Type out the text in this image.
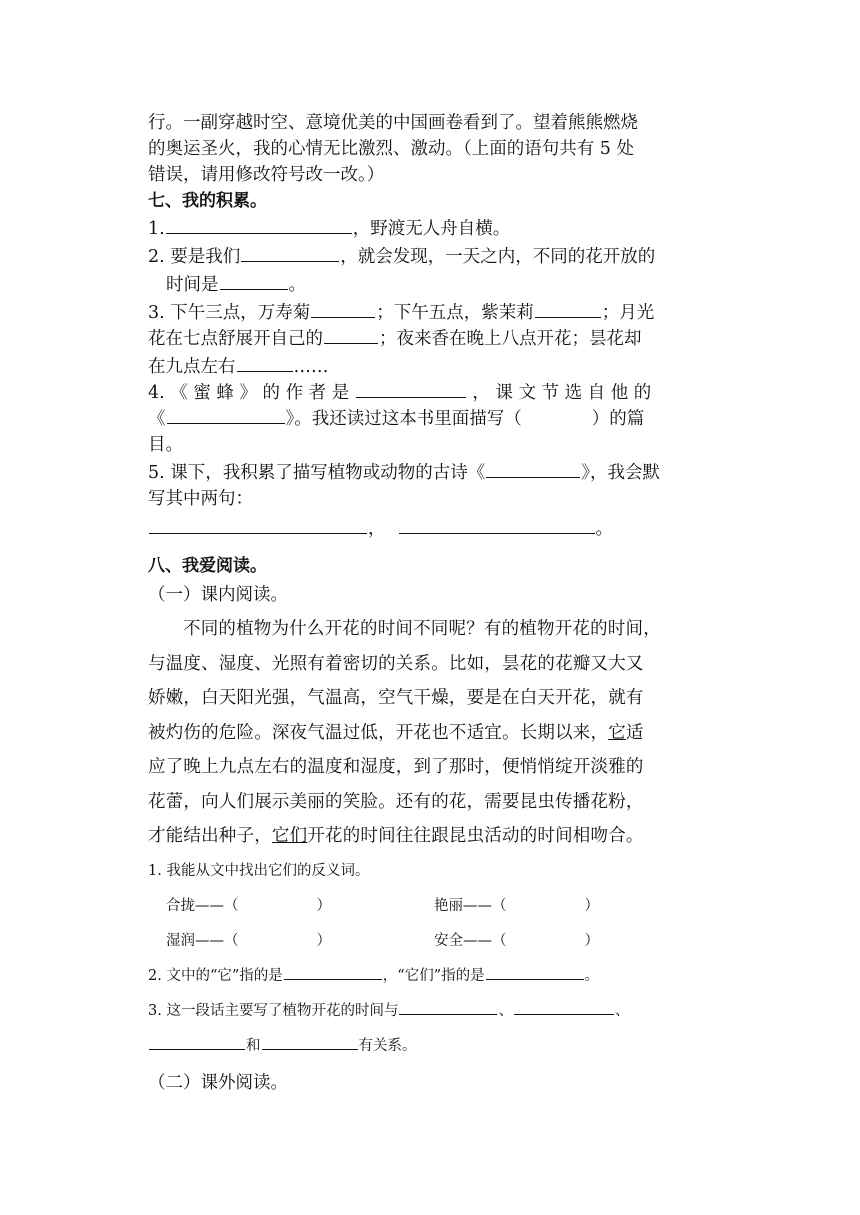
行。一副穿越时空、意境优美的中国画卷看到了。望着熊熊燃烧

的奥运圣火，我的心情无比激烈、激动。（上面的语句共有 5 处

错误，请用修改符号改一改。）

七、我的积累。

1.	，野渡无人舟自横。

2. 要是我们	，就会发现，一天之内，不同的花开放的

时间是	。

3. 下午三点，万寿菊	；下午五点，紫茉莉	；月光

花在七点舒展开自己的	；夜来香在晚上八点开花；昙花却

在九点左右	……

4. 《 蜜 蜂 》 的 作 者 是	， 课 文 节 选 自 他 的

《	》。我还读过这本书里面描写（	）的篇

目。

5. 课下，我积累了描写植物或动物的古诗《	》，我会默

写其中两句：

，	。

八、我爱阅读。

（一）课内阅读。

不同的植物为什么开花的时间不同呢？有的植物开花的时间，

与温度、湿度、光照有着密切的关系。比如，昙花的花瓣又大又

娇嫩，白天阳光强，气温高，空气干燥，要是在白天开花，就有

被灼伤的危险。深夜气温过低，开花也不适宜。长期以来，它适

应了晚上九点左右的温度和湿度，到了那时，便悄悄绽开淡雅的

花蕾，向人们展示美丽的笑脸。还有的花，需要昆虫传播花粉，

才能结出种子，它们开花的时间往往跟昆虫活动的时间相吻合。

1. 我能从文中找出它们的反义词。

合拢——（	）	艳丽——（	）

湿润——（	）	安全——（	）

2. 文中的“它”指的是	，“它们”指的是	。

3. 这一段话主要写了植物开花的时间与	、	、

和	有关系。

（二）课外阅读。
